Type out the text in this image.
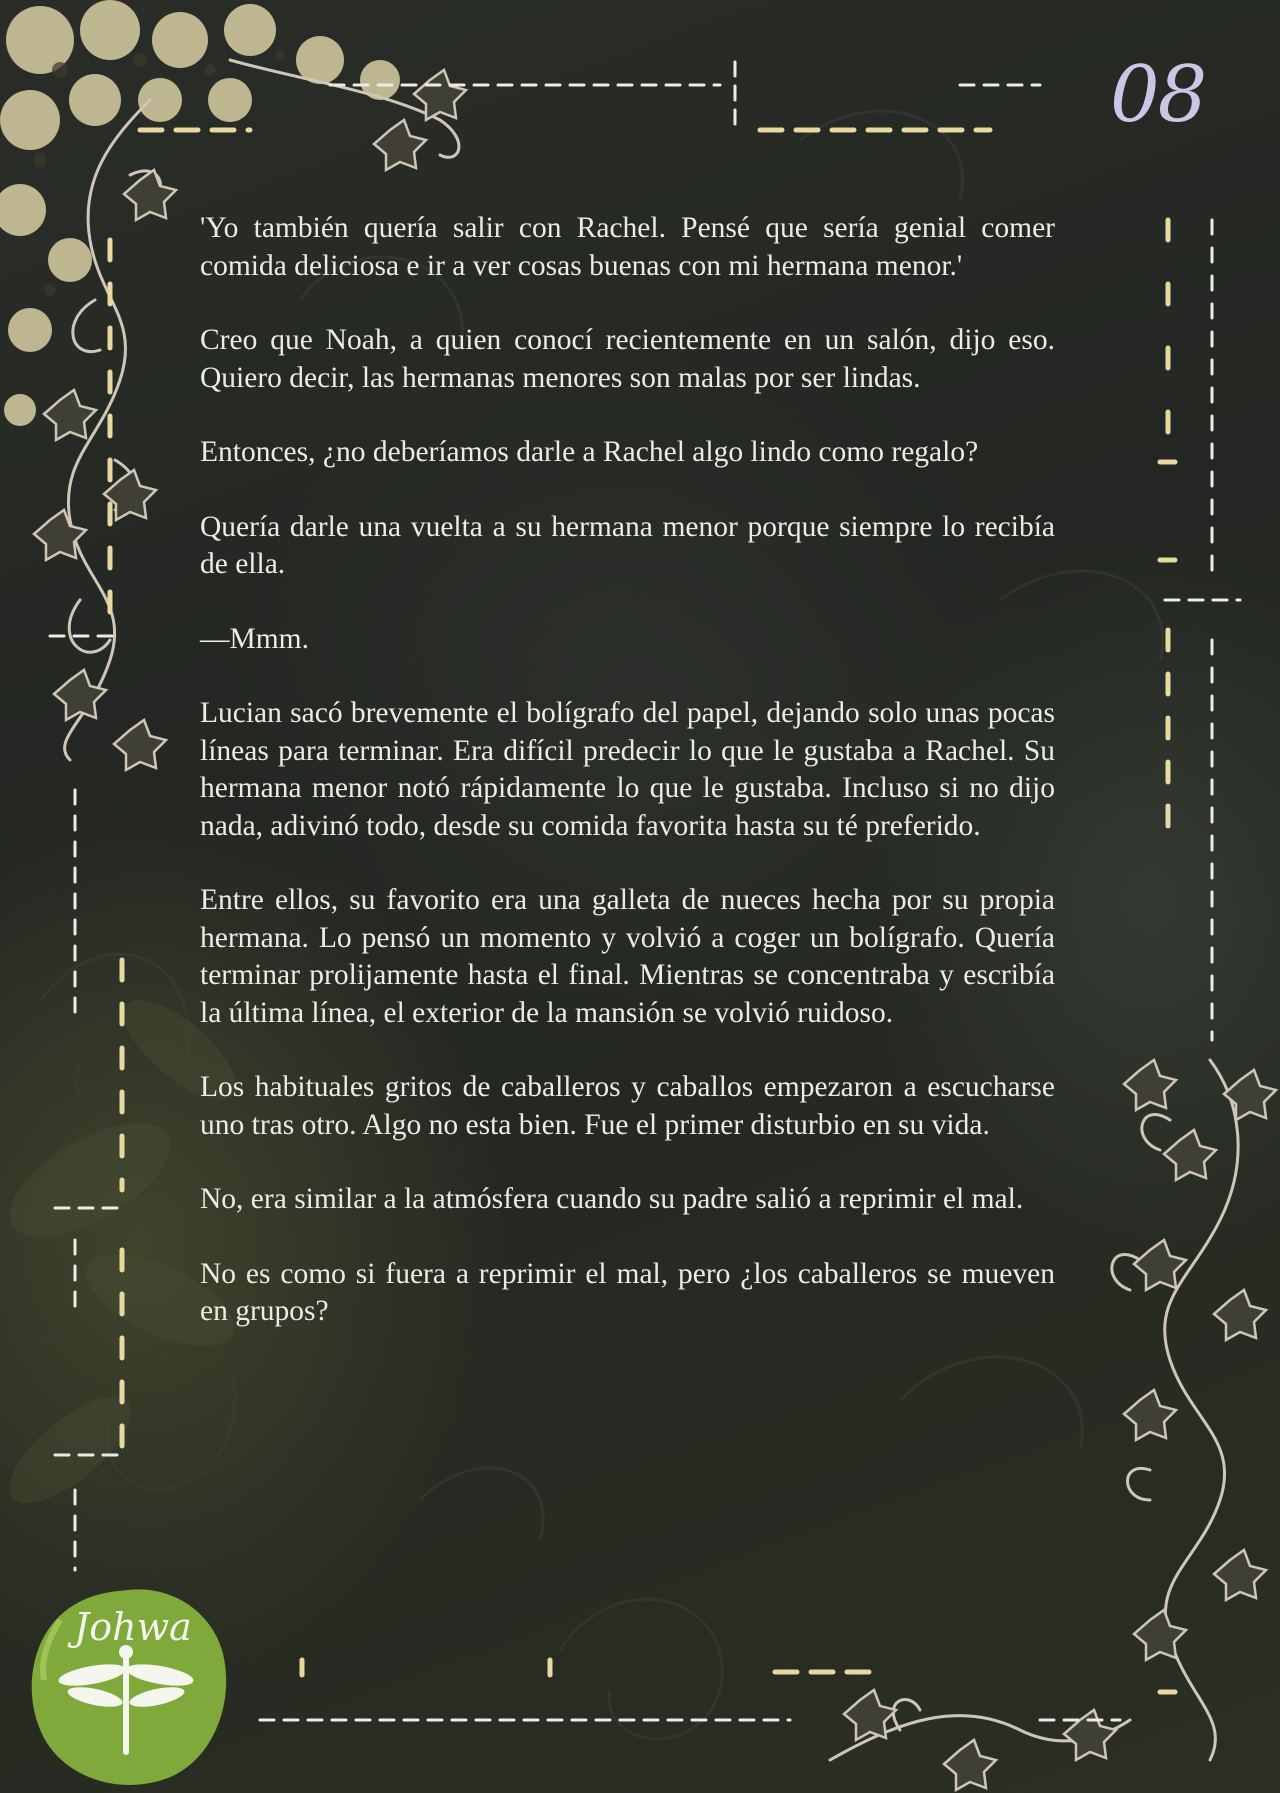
Johwa
08

'Yo también quería salir con Rachel. Pensé que sería genial comer comida deliciosa e ir a ver cosas buenas con mi hermana menor.'

Creo que Noah, a quien conocí recientemente en un salón, dijo eso. Quiero decir, las hermanas menores son malas por ser lindas.

Entonces, ¿no deberíamos darle a Rachel algo lindo como regalo?

Quería darle una vuelta a su hermana menor porque siempre lo recibía de ella.

—Mmm.

Lucian sacó brevemente el bolígrafo del papel, dejando solo unas pocas líneas para terminar. Era difícil predecir lo que le gustaba a Rachel. Su hermana menor notó rápidamente lo que le gustaba. Incluso si no dijo nada, adivinó todo, desde su comida favorita hasta su té preferido.

Entre ellos, su favorito era una galleta de nueces hecha por su propia hermana. Lo pensó un momento y volvió a coger un bolígrafo. Quería terminar prolijamente hasta el final. Mientras se concentraba y escribía la última línea, el exterior de la mansión se volvió ruidoso.

Los habituales gritos de caballeros y caballos empezaron a escucharse uno tras otro. Algo no esta bien. Fue el primer disturbio en su vida.

No, era similar a la atmósfera cuando su padre salió a reprimir el mal.

No es como si fuera a reprimir el mal, pero ¿los caballeros se mueven en grupos?
